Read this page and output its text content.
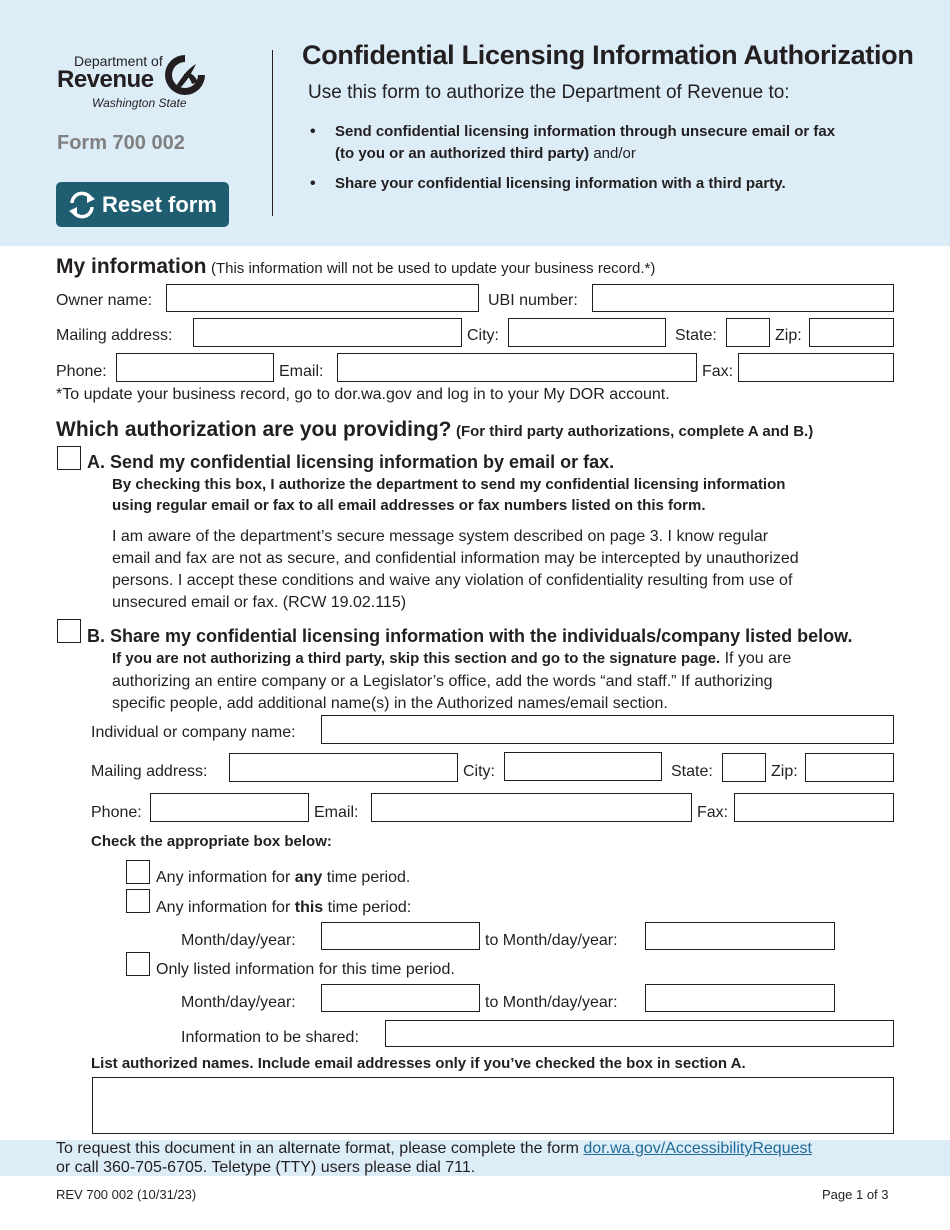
Department of
Revenue
Washington State
Form 700 002
Reset form
Confidential Licensing Information Authorization
Use this form to authorize the Department of Revenue to:
• Send confidential licensing information through unsecure email or fax
(to you or an authorized third party) and/or
• Share your confidential licensing information with a third party.
My information (This information will not be used to update your business record.*)
Owner name:	UBI number:
Mailing address:	City:	State:	Zip:
Phone:	Email:	Fax:
*To update your business record, go to dor.wa.gov and log in to your My DOR account.
Which authorization are you providing? (For third party authorizations, complete A and B.)
A. Send my confidential licensing information by email or fax.
By checking this box, I authorize the department to send my confidential licensing information
using regular email or fax to all email addresses or fax numbers listed on this form.
I am aware of the department’s secure message system described on page 3. I know regular
email and fax are not as secure, and confidential information may be intercepted by unauthorized
persons. I accept these conditions and waive any violation of confidentiality resulting from use of
unsecured email or fax. (RCW 19.02.115)
B. Share my confidential licensing information with the individuals/company listed below.
If you are not authorizing a third party, skip this section and go to the signature page. If you are
authorizing an entire company or a Legislator’s office, add the words “and staff.” If authorizing
specific people, add additional name(s) in the Authorized names/email section.
Individual or company name:
Mailing address:	City:	State:	Zip:
Phone:	Email:	Fax:
Check the appropriate box below:
Any information for any time period.
Any information for this time period:
Month/day/year:	to Month/day/year:
Only listed information for this time period.
Month/day/year:	to Month/day/year:
Information to be shared:
List authorized names. Include email addresses only if you’ve checked the box in section A.
To request this document in an alternate format, please complete the form dor.wa.gov/AccessibilityRequest
or call 360-705-6705. Teletype (TTY) users please dial 711.
REV 700 002 (10/31/23)	Page 1 of 3
